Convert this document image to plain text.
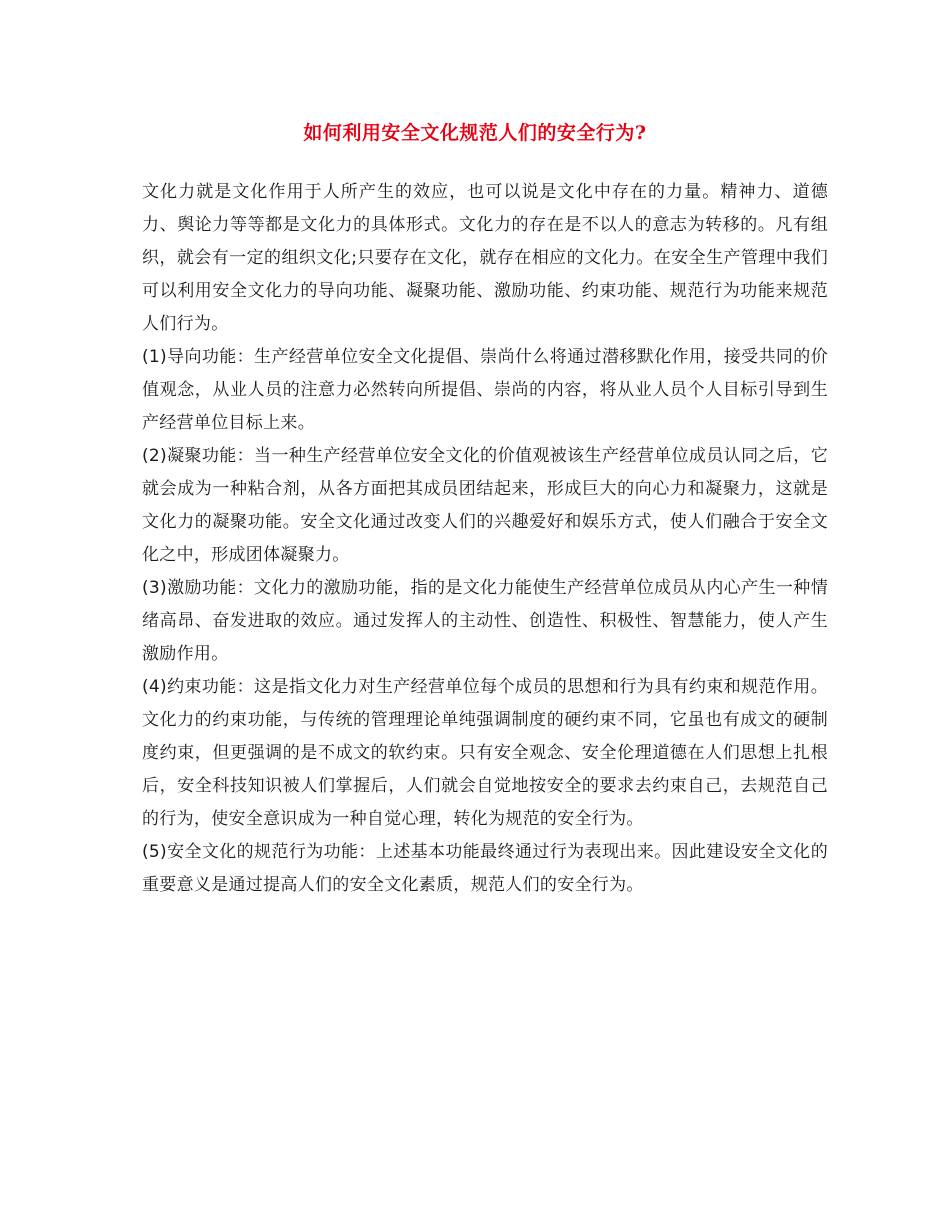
如何利用安全文化规范人们的安全行为?

文化力就是文化作用于人所产生的效应，也可以说是文化中存在的力量。精神力、道德力、舆论力等等都是文化力的具体形式。文化力的存在是不以人的意志为转移的。凡有组织，就会有一定的组织文化;只要存在文化，就存在相应的文化力。在安全生产管理中我们可以利用安全文化力的导向功能、凝聚功能、激励功能、约束功能、规范行为功能来规范人们行为。

(1)导向功能：生产经营单位安全文化提倡、崇尚什么将通过潜移默化作用，接受共同的价值观念，从业人员的注意力必然转向所提倡、崇尚的内容，将从业人员个人目标引导到生产经营单位目标上来。

(2)凝聚功能：当一种生产经营单位安全文化的价值观被该生产经营单位成员认同之后，它就会成为一种粘合剂，从各方面把其成员团结起来，形成巨大的向心力和凝聚力，这就是文化力的凝聚功能。安全文化通过改变人们的兴趣爱好和娱乐方式，使人们融合于安全文化之中，形成团体凝聚力。

(3)激励功能：文化力的激励功能，指的是文化力能使生产经营单位成员从内心产生一种情绪高昂、奋发进取的效应。通过发挥人的主动性、创造性、积极性、智慧能力，使人产生激励作用。

(4)约束功能：这是指文化力对生产经营单位每个成员的思想和行为具有约束和规范作用。文化力的约束功能，与传统的管理理论单纯强调制度的硬约束不同，它虽也有成文的硬制度约束，但更强调的是不成文的软约束。只有安全观念、安全伦理道德在人们思想上扎根后，安全科技知识被人们掌握后，人们就会自觉地按安全的要求去约束自己，去规范自己的行为，使安全意识成为一种自觉心理，转化为规范的安全行为。

(5)安全文化的规范行为功能：上述基本功能最终通过行为表现出来。因此建设安全文化的重要意义是通过提高人们的安全文化素质，规范人们的安全行为。
